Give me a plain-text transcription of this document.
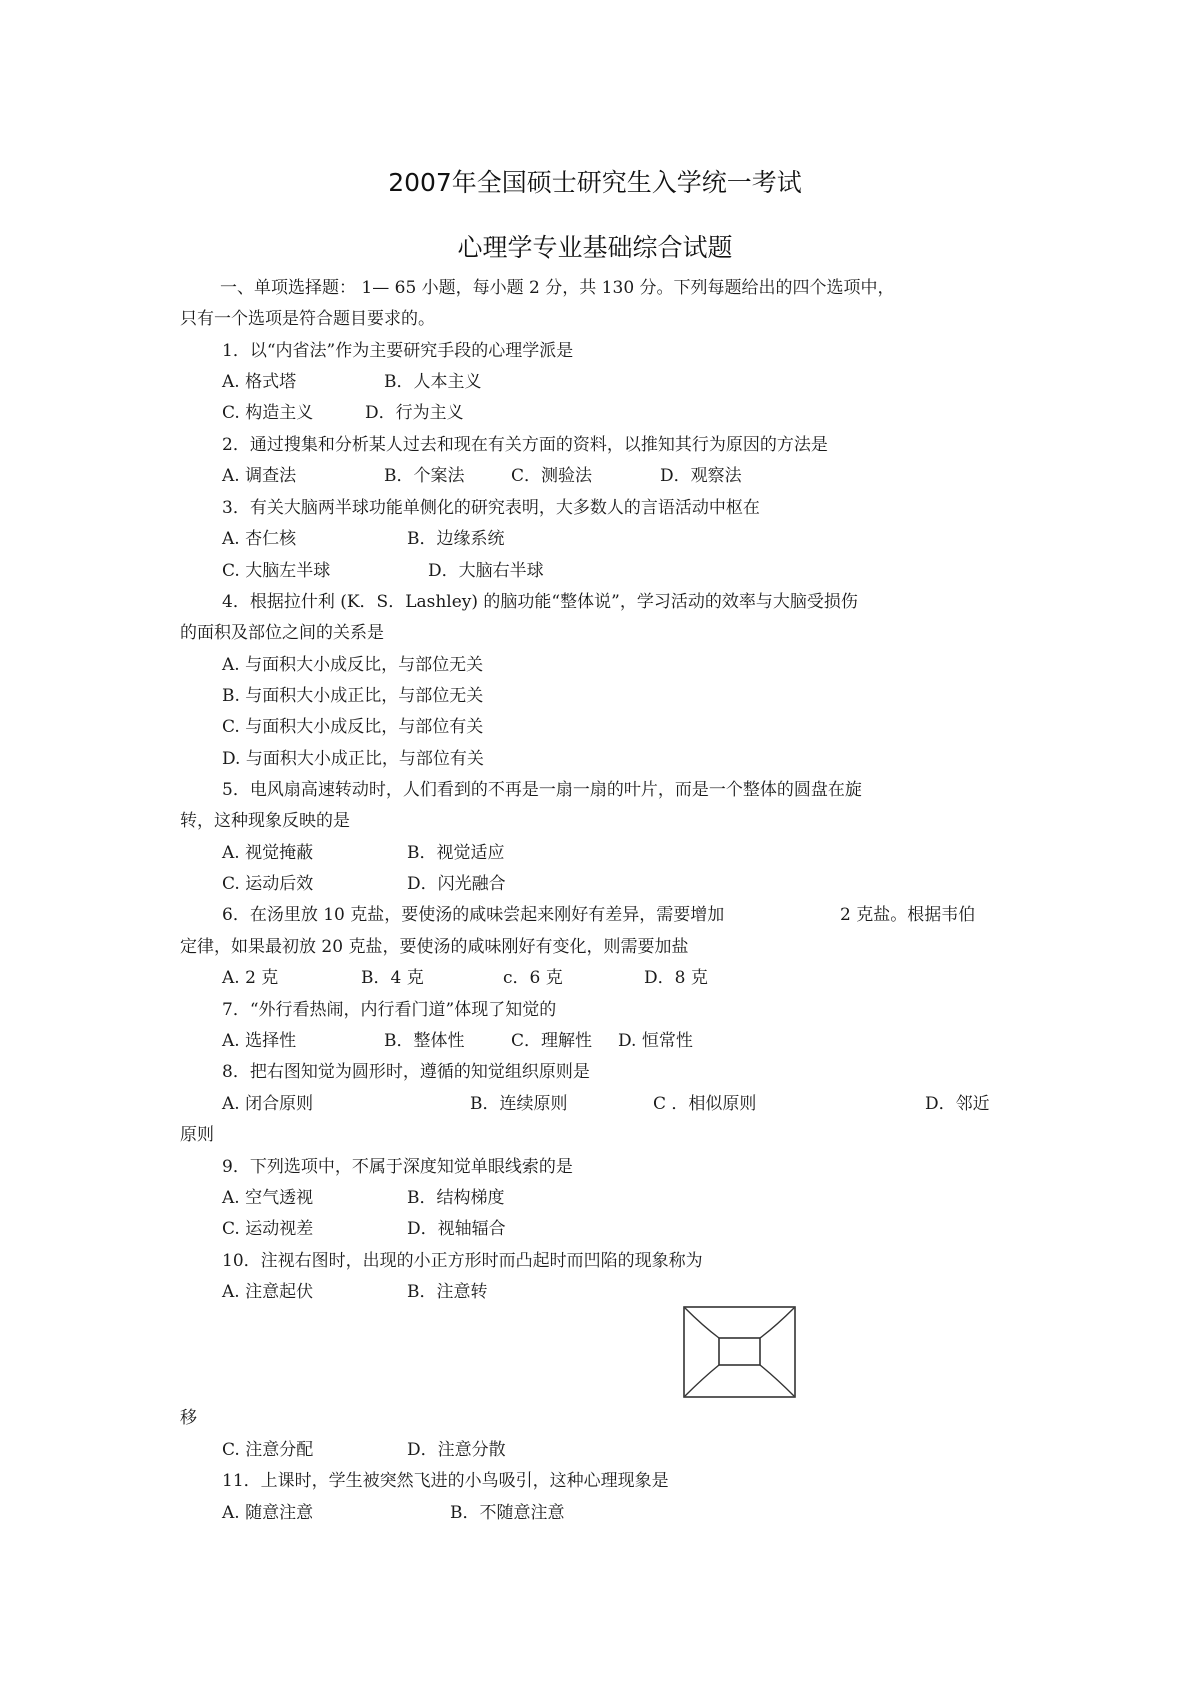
2007年全国硕士研究生入学统一考试
心理学专业基础综合试题
一、单项选择题： 1— 65 小题，每小题 2 分，共 130 分。下列每题给出的四个选项中，
只有一个选项是符合题目要求的。
1．以“内省法”作为主要研究手段的心理学派是
A. 格式塔	B．人本主义
C. 构造主义	D．行为主义
2．通过搜集和分析某人过去和现在有关方面的资料，以推知其行为原因的方法是
A. 调查法	B．个案法	C．测验法	D．观察法
3．有关大脑两半球功能单侧化的研究表明，大多数人的言语活动中枢在
A. 杏仁核	B．边缘系统
C. 大脑左半球	D．大脑右半球
4．根据拉什利 (K．S．Lashley) 的脑功能“整体说”，学习活动的效率与大脑受损伤
的面积及部位之间的关系是
A. 与面积大小成反比，与部位无关
B. 与面积大小成正比，与部位无关
C. 与面积大小成反比，与部位有关
D. 与面积大小成正比，与部位有关
5．电风扇高速转动时，人们看到的不再是一扇一扇的叶片，而是一个整体的圆盘在旋
转，这种现象反映的是
A. 视觉掩蔽	B．视觉适应
C. 运动后效	D．闪光融合
6．在汤里放 10 克盐，要使汤的咸味尝起来刚好有差异，需要增加	2 克盐。根据韦伯
定律，如果最初放 20 克盐，要使汤的咸味刚好有变化，则需要加盐
A. 2 克	B．4 克	c．6 克	D．8 克
7．“外行看热闹，内行看门道”体现了知觉的
A. 选择性	B．整体性	C．理解性 D. 恒常性
8．把右图知觉为圆形时，遵循的知觉组织原则是
A. 闭合原则	B．连续原则	C ．相似原则	D．邻近
原则
9．下列选项中，不属于深度知觉单眼线索的是
A. 空气透视	B．结构梯度
C. 运动视差	D．视轴辐合
10．注视右图时，出现的小正方形时而凸起时而凹陷的现象称为
A. 注意起伏	B．注意转
移
C. 注意分配	D．注意分散
11．上课时，学生被突然飞进的小鸟吸引，这种心理现象是
A. 随意注意	B．不随意注意
